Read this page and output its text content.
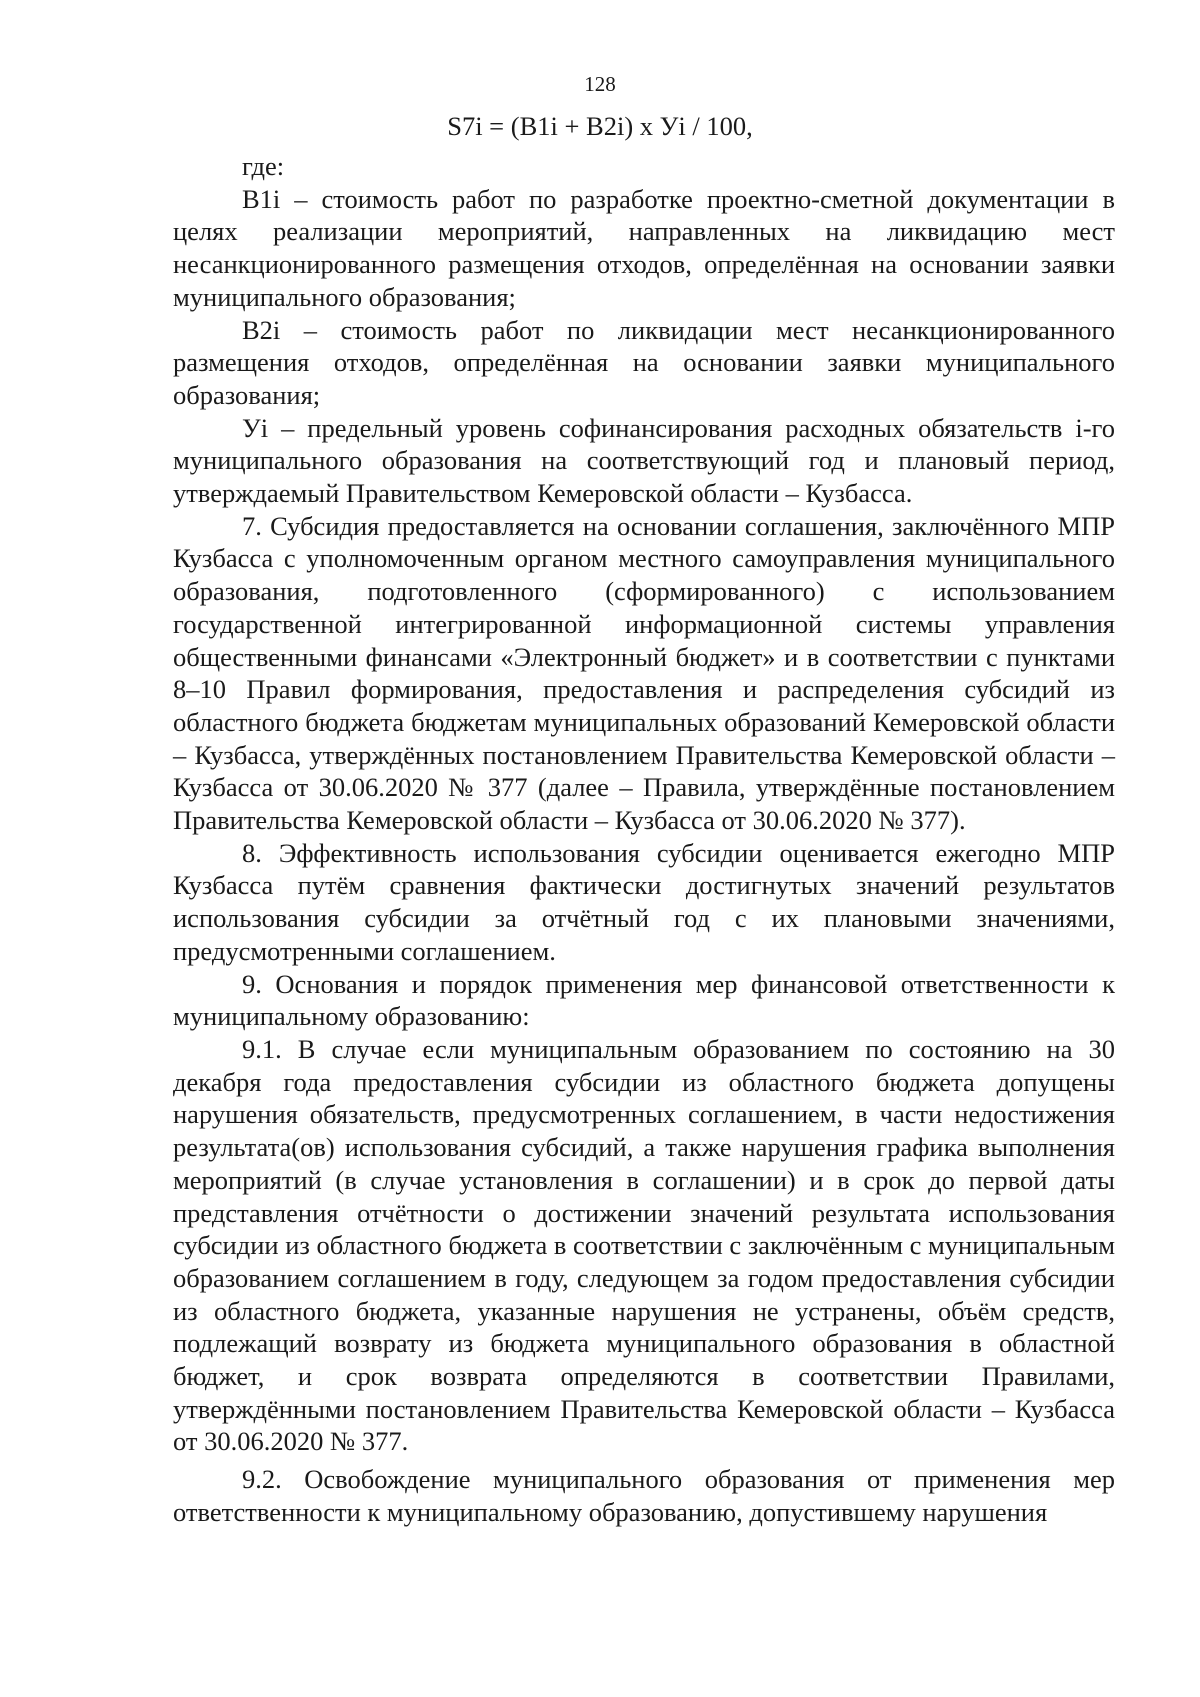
128
S7i = (B1i + B2i) x Уi / 100,

где:

B1i – стоимость работ по разработке проектно-сметной документации в целях реализации мероприятий, направленных на ликвидацию мест несанкционированного размещения отходов, определённая на основании заявки муниципального образования;

B2i – стоимость работ по ликвидации мест несанкционированного размещения отходов, определённая на основании заявки муниципального образования;

Уi – предельный уровень софинансирования расходных обязательств i-го муниципального образования на соответствующий год и плановый период, утверждаемый Правительством Кемеровской области – Кузбасса.

7. Субсидия предоставляется на основании соглашения, заключённого МПР Кузбасса с уполномоченным органом местного самоуправления муниципального образования, подготовленного (сформированного) с использованием государственной интегрированной информационной системы управления общественными финансами «Электронный бюджет» и в соответствии с пунктами 8–10 Правил формирования, предоставления и распределения субсидий из областного бюджета бюджетам муниципальных образований Кемеровской области – Кузбасса, утверждённых постановлением Правительства Кемеровской области – Кузбасса от 30.06.2020 № 377 (далее – Правила, утверждённые постановлением Правительства Кемеровской области – Кузбасса от 30.06.2020 № 377).

8. Эффективность использования субсидии оценивается ежегодно МПР Кузбасса путём сравнения фактически достигнутых значений результатов использования субсидии за отчётный год с их плановыми значениями, предусмотренными соглашением.

9. Основания и порядок применения мер финансовой ответственности к муниципальному образованию:

9.1. В случае если муниципальным образованием по состоянию на 30 декабря года предоставления субсидии из областного бюджета допущены нарушения обязательств, предусмотренных соглашением, в части недостижения результата(ов) использования субсидий, а также нарушения графика выполнения мероприятий (в случае установления в соглашении) и в срок до первой даты представления отчётности о достижении значений результата использования субсидии из областного бюджета в соответствии с заключённым с муниципальным образованием соглашением в году, следующем за годом предоставления субсидии из областного бюджета, указанные нарушения не устранены, объём средств, подлежащий возврату из бюджета муниципального образования в областной бюджет, и срок возврата определяются в соответствии Правилами, утверждёнными постановлением Правительства Кемеровской области – Кузбасса от 30.06.2020 № 377.

9.2. Освобождение муниципального образования от применения мер ответственности к муниципальному образованию, допустившему нарушения
